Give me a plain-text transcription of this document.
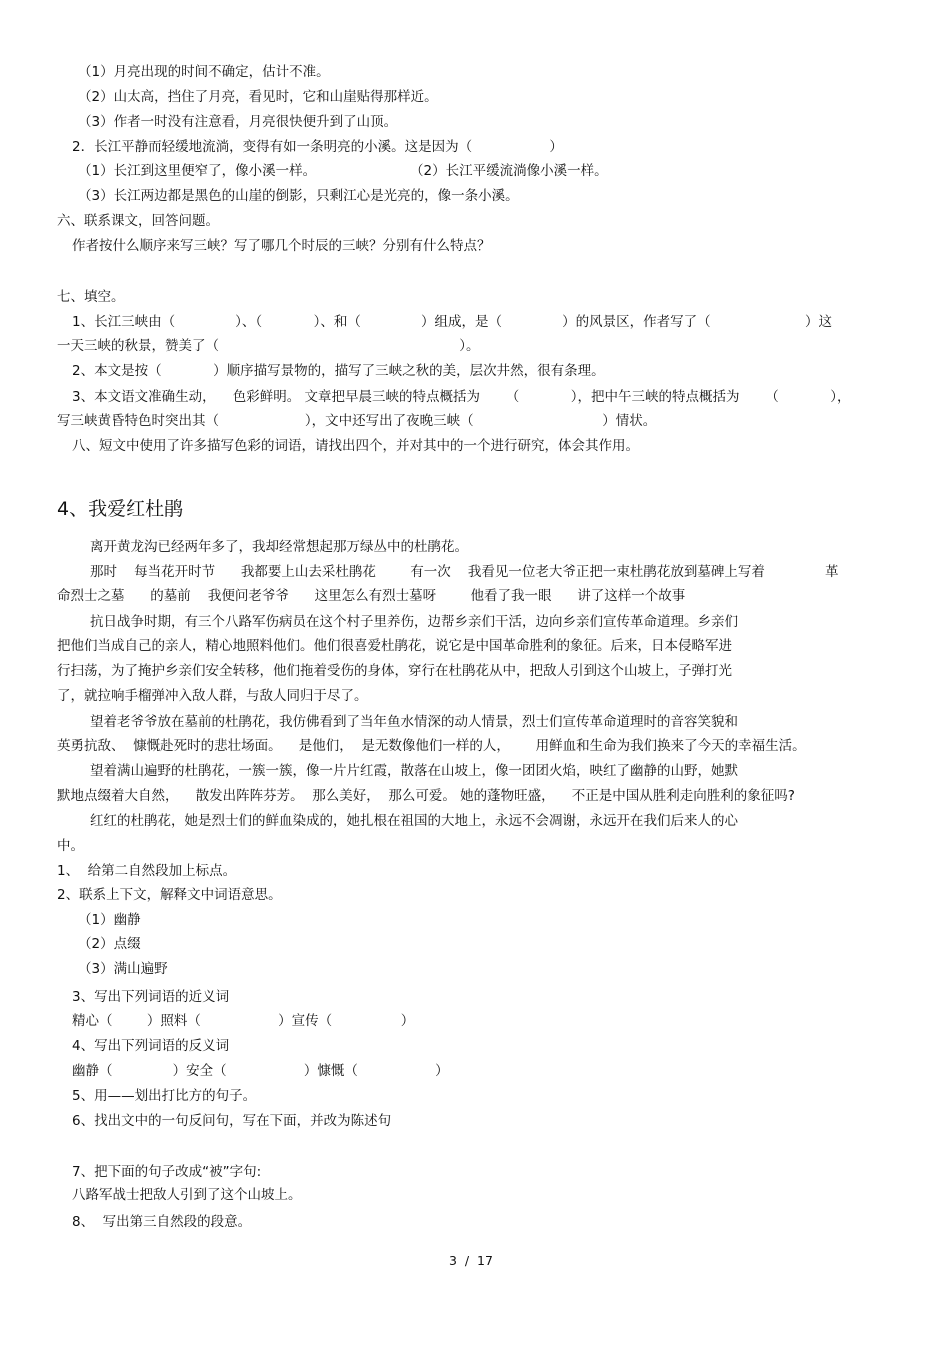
（1）月亮出现的时间不确定，估计不准。
（2）山太高，挡住了月亮，看见时，它和山崖贴得那样近。
（3）作者一时没有注意看，月亮很快便升到了山顶。
2．长江平静而轻缓地流淌，变得有如一条明亮的小溪。这是因为（                  ）
（1）长江到这里便窄了，像小溪一样。	（2）长江平缓流淌像小溪一样。
（3）长江两边都是黑色的山崖的倒影，只剩江心是光亮的，像一条小溪。
六、联系课文，回答问题。
作者按什么顺序来写三峡？写了哪几个时辰的三峡？分别有什么特点？
七、填空。
1、长江三峡由（              ）、（            ）、和（              ）组成，是（              ）的风景区，作者写了（                      ）这
一天三峡的秋景，赞美了（                                                        ）。
2、本文是按（            ）顺序描写景物的，描写了三峡之秋的美，层次井然，很有条理。
3、本文语文准确生动，    色彩鲜明。 文章把早晨三峡的特点概括为      （            ），把中午三峡的特点概括为      （            ），
写三峡黄昏特色时突出其（                    ），文中还写出了夜晚三峡（                              ）情状。
八、短文中使用了许多描写色彩的词语，请找出四个，并对其中的一个进行研究，体会其作用。
4、我爱红杜鹃
离开黄龙沟已经两年多了，我却经常想起那万绿丛中的杜鹃花。
那时    每当花开时节      我都要上山去采杜鹃花        有一次    我看见一位老大爷正把一束杜鹃花放到墓碑上写着              革
命烈士之墓      的墓前    我便问老爷爷      这里怎么有烈士墓呀        他看了我一眼      讲了这样一个故事
抗日战争时期，有三个八路军伤病员在这个村子里养伤，边帮乡亲们干活，边向乡亲们宣传革命道理。乡亲们
把他们当成自己的亲人，精心地照料他们。他们很喜爱杜鹃花，说它是中国革命胜利的象征。后来，日本侵略军进
行扫荡，为了掩护乡亲们安全转移，他们拖着受伤的身体，穿行在杜鹃花从中，把敌人引到这个山坡上，子弹打光
了，就拉响手榴弹冲入敌人群，与敌人同归于尽了。
望着老爷爷放在墓前的杜鹃花，我仿佛看到了当年鱼水情深的动人情景，烈士们宣传革命道理时的音容笑貌和
英勇抗敌、  慷慨赴死时的悲壮场面。    是他们，  是无数像他们一样的人，      用鲜血和生命为我们换来了今天的幸福生活。
望着满山遍野的杜鹃花，一簇一簇，像一片片红霞，散落在山坡上，像一团团火焰，映红了幽静的山野，她默
默地点缀着大自然，    散发出阵阵芬芳。  那么美好，  那么可爱。 她的蓬物旺盛，    不正是中国从胜利走向胜利的象征吗?
红红的杜鹃花，她是烈士们的鲜血染成的，她扎根在祖国的大地上，永远不会凋谢，永远开在我们后来人的心
中。
1、  给第二自然段加上标点。
2、联系上下文，解释文中词语意思。
（1）幽静
（2）点缀
（3）满山遍野
3、写出下列词语的近义词
精心（        ）照料（                  ）宣传（                ）
4、写出下列词语的反义词
幽静（              ）安全（                  ）慷慨（                  ）
5、用——划出打比方的句子。
6、找出文中的一句反问句，写在下面，并改为陈述句
7、把下面的句子改成“被”字句:
八路军战士把敌人引到了这个山坡上。
8、  写出第三自然段的段意。
3  /  17
